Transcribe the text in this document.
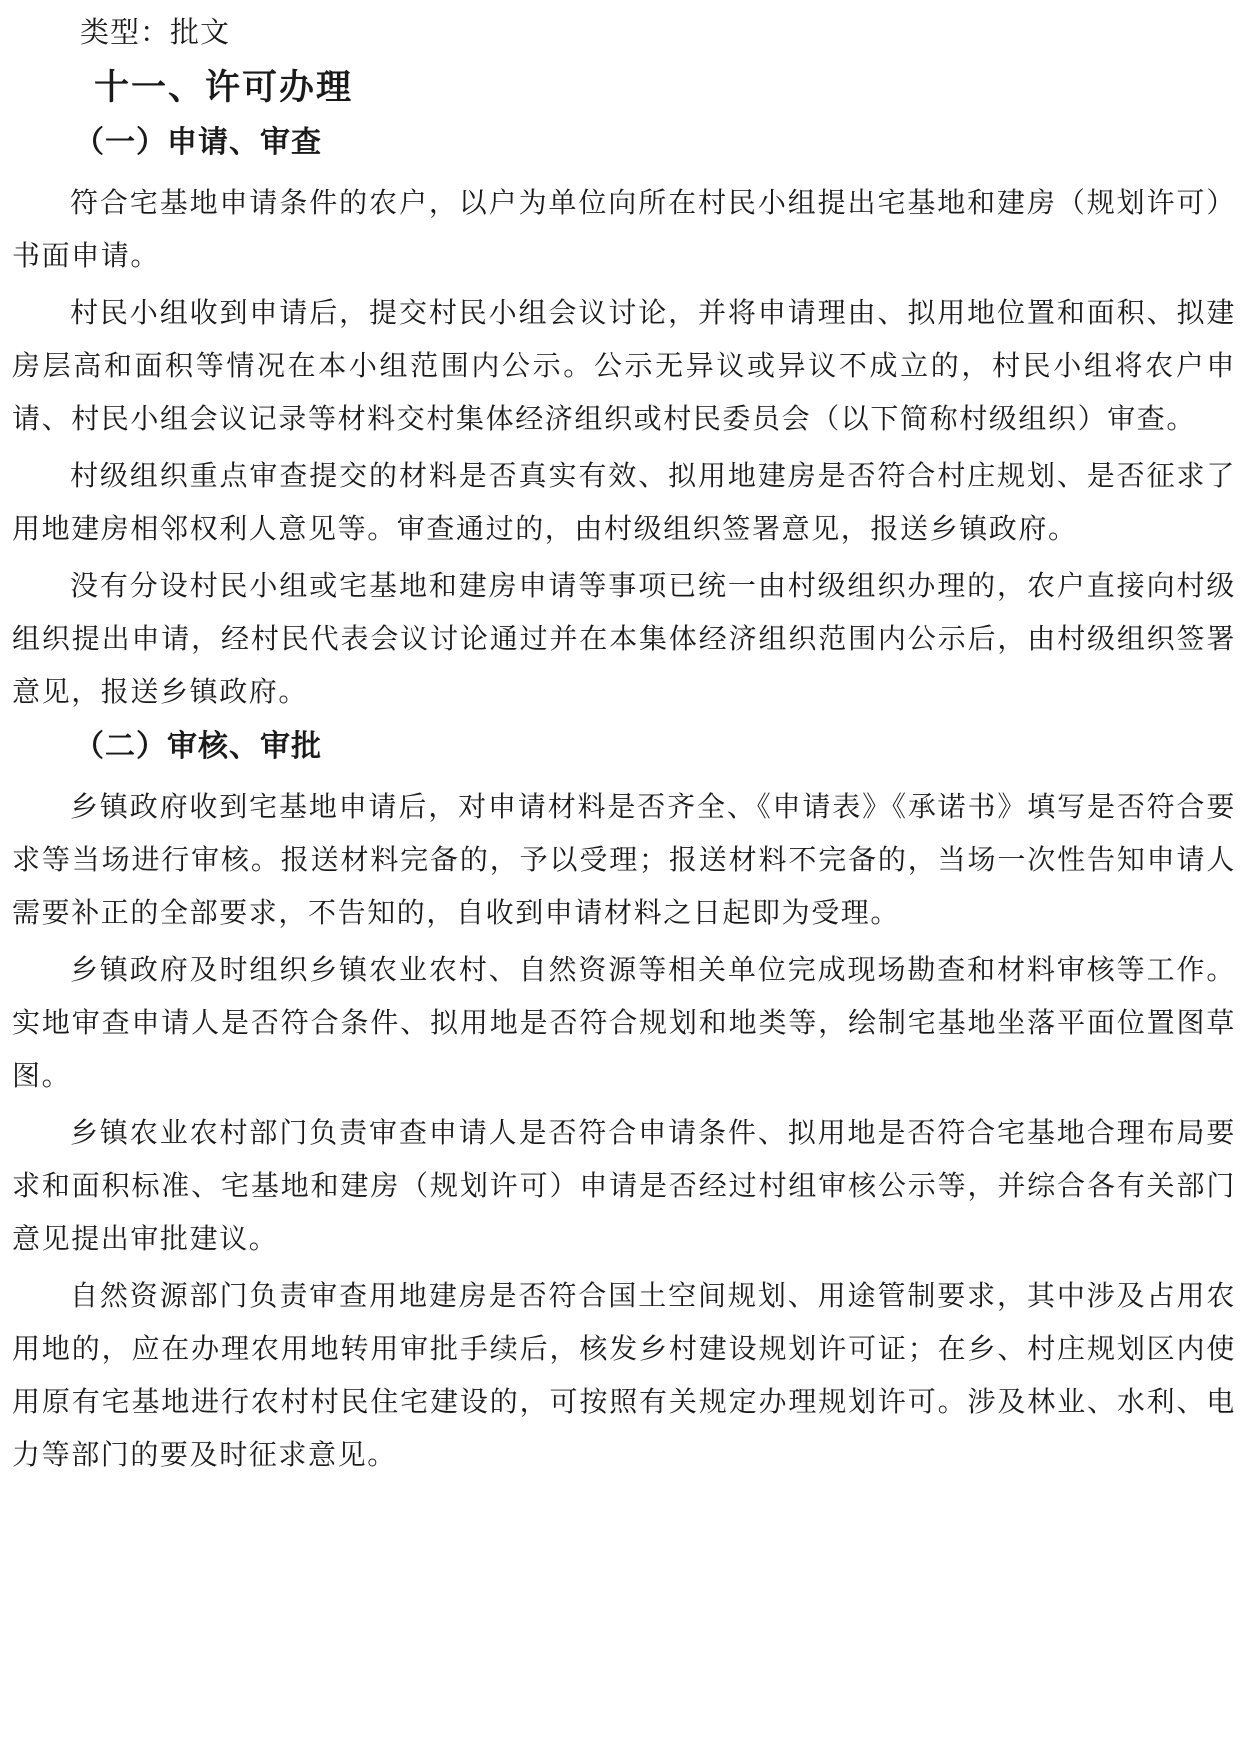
类型：批文
十一、许可办理
（一）申请、审查

符合宅基地申请条件的农户，以户为单位向所在村民小组提出宅基地和建房（规划许可）书面申请。

村民小组收到申请后，提交村民小组会议讨论，并将申请理由、拟用地位置和面积、拟建房层高和面积等情况在本小组范围内公示。公示无异议或异议不成立的，村民小组将农户申请、村民小组会议记录等材料交村集体经济组织或村民委员会（以下简称村级组织）审查。

村级组织重点审查提交的材料是否真实有效、拟用地建房是否符合村庄规划、是否征求了用地建房相邻权利人意见等。审查通过的，由村级组织签署意见，报送乡镇政府。

没有分设村民小组或宅基地和建房申请等事项已统一由村级组织办理的，农户直接向村级组织提出申请，经村民代表会议讨论通过并在本集体经济组织范围内公示后，由村级组织签署意见，报送乡镇政府。

（二）审核、审批

乡镇政府收到宅基地申请后，对申请材料是否齐全、《申请表》《承诺书》填写是否符合要求等当场进行审核。报送材料完备的，予以受理；报送材料不完备的，当场一次性告知申请人需要补正的全部要求，不告知的，自收到申请材料之日起即为受理。

乡镇政府及时组织乡镇农业农村、自然资源等相关单位完成现场勘查和材料审核等工作。实地审查申请人是否符合条件、拟用地是否符合规划和地类等，绘制宅基地坐落平面位置图草图。

乡镇农业农村部门负责审查申请人是否符合申请条件、拟用地是否符合宅基地合理布局要求和面积标准、宅基地和建房（规划许可）申请是否经过村组审核公示等，并综合各有关部门意见提出审批建议。

自然资源部门负责审查用地建房是否符合国土空间规划、用途管制要求，其中涉及占用农用地的，应在办理农用地转用审批手续后，核发乡村建设规划许可证；在乡、村庄规划区内使用原有宅基地进行农村村民住宅建设的，可按照有关规定办理规划许可。涉及林业、水利、电力等部门的要及时征求意见。
